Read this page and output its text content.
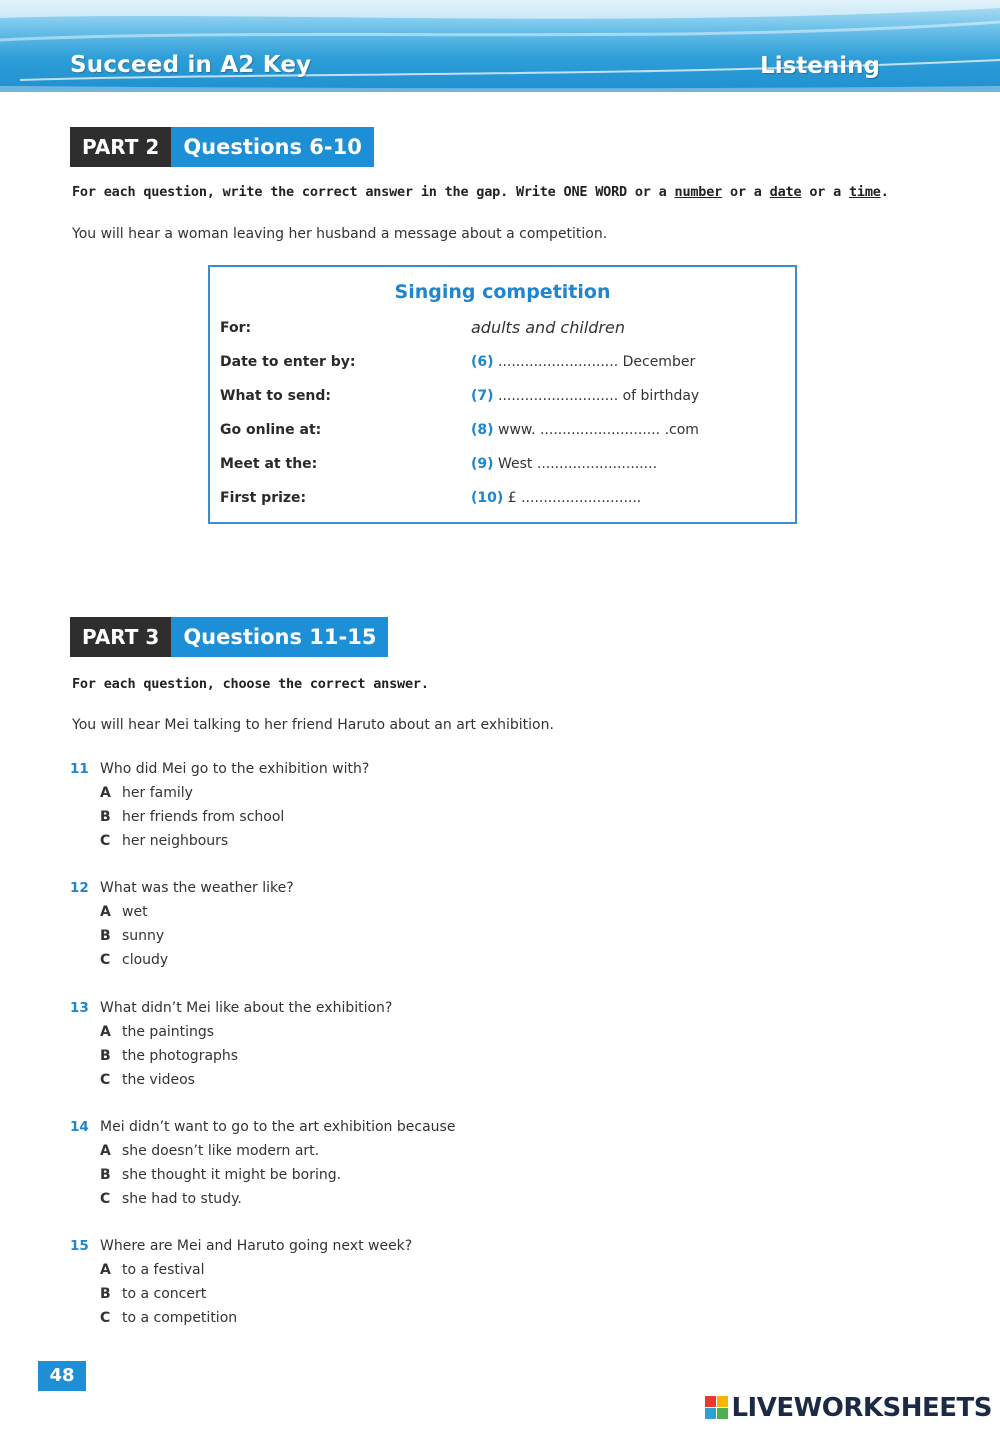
Succeed in A2 Key	Listening
PART 2	Questions 6-10
For each question, write the correct answer in the gap. Write ONE WORD or a number or a date or a time.
You will hear a woman leaving her husband a message about a competition.
Singing competition
For:	adults and children
Date to enter by:	(6) ........................... December
What to send:	(7) ........................... of birthday
Go online at:	(8) www. ........................... .com
Meet at the:	(9) West ...........................
First prize:	(10) £ ...........................
PART 3	Questions 11-15
For each question, choose the correct answer.
You will hear Mei talking to her friend Haruto about an art exhibition.
11 Who did Mei go to the exhibition with?
A her family
B her friends from school
C her neighbours
12 What was the weather like?
A wet
B sunny
C cloudy
13 What didn’t Mei like about the exhibition?
A the paintings
B the photographs
C the videos
14 Mei didn’t want to go to the art exhibition because
A she doesn’t like modern art.
B she thought it might be boring.
C she had to study.
15 Where are Mei and Haruto going next week?
A to a festival
B to a concert
C to a competition
48
LIVEWORKSHEETS
